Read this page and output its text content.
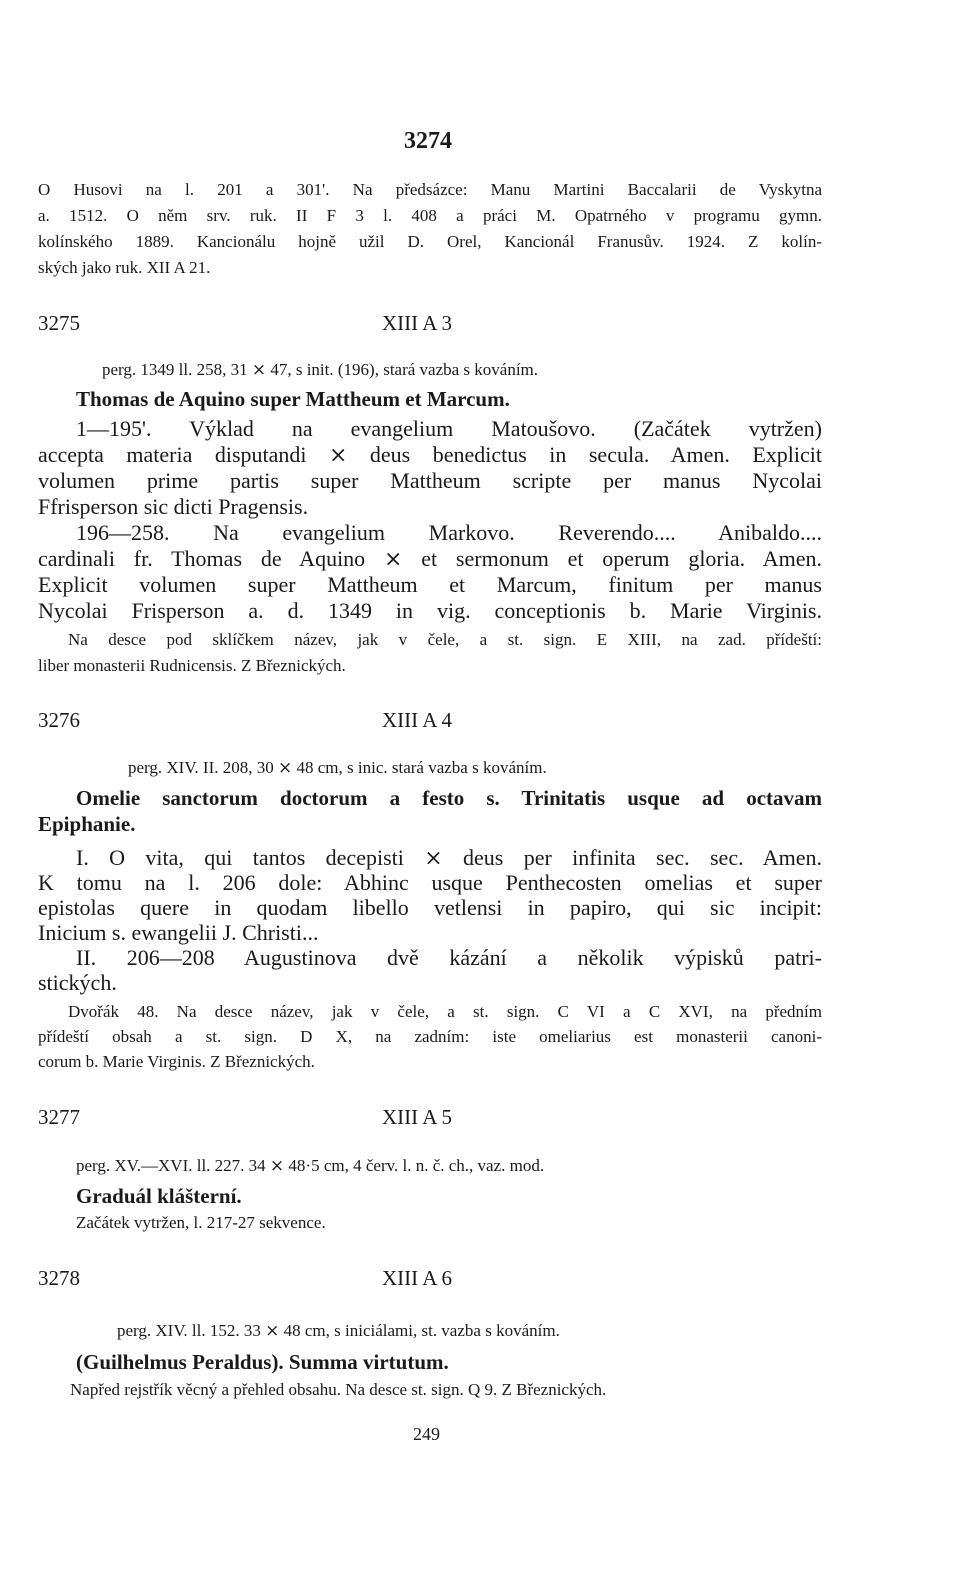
3274
O Husovi na l. 201 a 301'. Na předsázce: Manu Martini Baccalarii de Vyskytna
a. 1512. O něm srv. ruk. II F 3 l. 408 a práci M. Opatrného v programu gymn.
kolínského 1889. Kancionálu hojně užil D. Orel, Kancionál Franusův. 1924. Z kolín-
ských jako ruk. XII A 21.
3275	XIII A 3
perg. 1349 ll. 258, 31 ⨯ 47, s init. (196), stará vazba s kováním.
Thomas de Aquino super Mattheum et Marcum.
1—195'. Výklad na evangelium Matoušovo. (Začátek vytržen)
accepta materia disputandi ⨯ deus benedictus in secula. Amen. Explicit
volumen prime partis super Mattheum scripte per manus Nycolai
Ffrisperson sic dicti Pragensis.
196—258. Na evangelium Markovo. Reverendo.... Anibaldo....
cardinali fr. Thomas de Aquino ⨯ et sermonum et operum gloria. Amen.
Explicit volumen super Mattheum et Marcum, finitum per manus
Nycolai Frisperson a. d. 1349 in vig. conceptionis b. Marie Virginis.
Na desce pod sklíčkem název, jak v čele, a st. sign. E XIII, na zad. přídeští:
liber monasterii Rudnicensis. Z Březnických.
3276	XIII A 4
perg. XIV. II. 208, 30 ⨯ 48 cm, s inic. stará vazba s kováním.
Omelie sanctorum doctorum a festo s. Trinitatis usque ad octavam
Epiphanie.
I. O vita, qui tantos decepisti ⨯ deus per infinita sec. sec. Amen.
K tomu na l. 206 dole: Abhinc usque Penthecosten omelias et super
epistolas quere in quodam libello vetlensi in papiro, qui sic incipit:
Inicium s. ewangelii J. Christi...
II. 206—208 Augustinova dvě kázání a několik výpisků patri-
stických.
Dvořák 48. Na desce název, jak v čele, a st. sign. C VI a C XVI, na předním
přídeští obsah a st. sign. D X, na zadním: iste omeliarius est monasterii canoni-
corum b. Marie Virginis. Z Březnických.
3277	XIII A 5
perg. XV.—XVI. ll. 227. 34 ⨯ 48·5 cm, 4 červ. l. n. č. ch., vaz. mod.
Graduál klášterní.
Začátek vytržen, l. 217-27 sekvence.
3278	XIII A 6
perg. XIV. ll. 152. 33 ⨯ 48 cm, s iniciálami, st. vazba s kováním.
(Guilhelmus Peraldus). Summa virtutum.
Napřed rejstřík věcný a přehled obsahu. Na desce st. sign. Q 9. Z Březnických.
249
